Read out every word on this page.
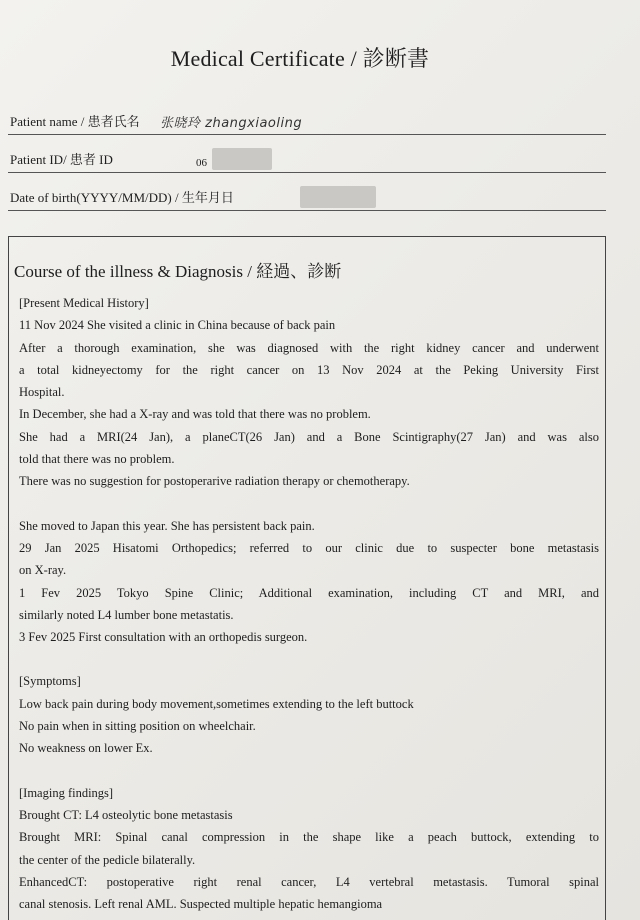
Medical Certificate / 診断書
Patient name / 患者氏名 张晓玲 zhangxiaoling
Patient ID/ 患者 ID	06
Date of birth(YYYY/MM/DD) / 生年月日
Course of the illness & Diagnosis / 経過、診断
[Present Medical History]
11 Nov 2024 She visited a clinic in China because of back pain
After a thorough examination, she was diagnosed with the right kidney cancer and underwent
a total kidneyectomy for the right cancer on 13 Nov 2024 at the Peking University First
Hospital.
In December, she had a X-ray and was told that there was no problem.
She had a MRI(24 Jan), a planeCT(26 Jan) and a Bone Scintigraphy(27 Jan) and was also
told that there was no problem.
There was no suggestion for postoperarive radiation therapy or chemotherapy.
She moved to Japan this year. She has persistent back pain.
29 Jan 2025 Hisatomi Orthopedics; referred to our clinic due to suspecter bone metastasis
on X-ray.
1 Fev 2025 Tokyo Spine Clinic; Additional examination, including CT and MRI, and
similarly noted L4 lumber bone metastatis.
3 Fev 2025 First consultation with an orthopedis surgeon.
[Symptoms]
Low back pain during body movement,sometimes extending to the left buttock
No pain when in sitting position on wheelchair.
No weakness on lower Ex.
[Imaging findings]
Brought CT: L4 osteolytic bone metastasis
Brought MRI: Spinal canal compression in the shape like a peach buttock, extending to
the center of the pedicle bilaterally.
EnhancedCT: postoperative right renal cancer, L4 vertebral metastasis. Tumoral spinal
canal stenosis. Left renal AML. Suspected multiple hepatic hemangioma
